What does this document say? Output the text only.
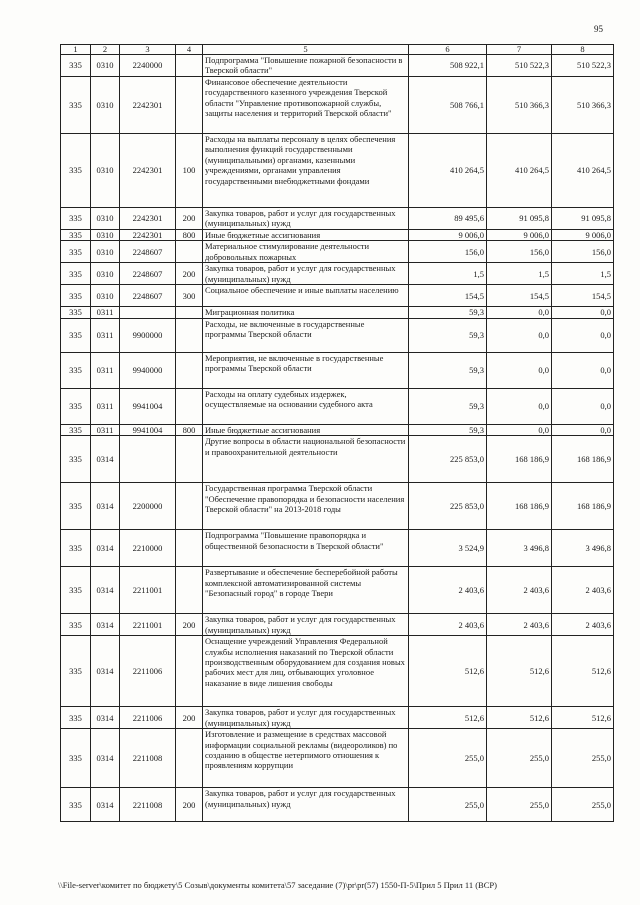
95
1	2	3	4	5	6	7	8
335	0310	2240000		Подпрограмма "Повышение пожарной безопасности в Тверской области"	508 922,1	510 522,3	510 522,3
335	0310	2242301		Финансовое обеспечение деятельности государственного казенного учреждения Тверской области "Управление противопожарной службы, защиты населения и территорий Тверской области"	508 766,1	510 366,3	510 366,3
335	0310	2242301	100	Расходы на выплаты персоналу в целях обеспечения выполнения функций государственными (муниципальными) органами, казенными учреждениями, органами управления государственными внебюджетными фондами	410 264,5	410 264,5	410 264,5
335	0310	2242301	200	Закупка товаров, работ и услуг для государственных (муниципальных) нужд	89 495,6	91 095,8	91 095,8
335	0310	2242301	800	Иные бюджетные ассигнования	9 006,0	9 006,0	9 006,0
335	0310	2248607		Материальное стимулирование деятельности добровольных пожарных	156,0	156,0	156,0
335	0310	2248607	200	Закупка товаров, работ и услуг для государственных (муниципальных) нужд	1,5	1,5	1,5
335	0310	2248607	300	Социальное обеспечение и иные выплаты населению	154,5	154,5	154,5
335	0311			Миграционная политика	59,3	0,0	0,0
335	0311	9900000		Расходы, не включенные в государственные программы Тверской области	59,3	0,0	0,0
335	0311	9940000		Мероприятия, не включенные в государственные программы Тверской области	59,3	0,0	0,0
335	0311	9941004		Расходы на оплату судебных издержек, осуществляемые на основании судебного акта	59,3	0,0	0,0
335	0311	9941004	800	Иные бюджетные ассигнования	59,3	0,0	0,0
335	0314			Другие вопросы в области национальной безопасности и правоохранительной деятельности	225 853,0	168 186,9	168 186,9
335	0314	2200000		Государственная программа Тверской области "Обеспечение правопорядка и безопасности населения Тверской области" на 2013-2018 годы	225 853,0	168 186,9	168 186,9
335	0314	2210000		Подпрограмма "Повышение правопорядка и общественной безопасности в Тверской области"	3 524,9	3 496,8	3 496,8
335	0314	2211001		Развертывание и обеспечение бесперебойной работы комплексной автоматизированной системы "Безопасный город" в городе Твери	2 403,6	2 403,6	2 403,6
335	0314	2211001	200	Закупка товаров, работ и услуг для государственных (муниципальных) нужд	2 403,6	2 403,6	2 403,6
335	0314	2211006		Оснащение учреждений Управления Федеральной службы исполнения наказаний по Тверской области производственным оборудованием для создания новых рабочих мест для лиц, отбывающих уголовное наказание в виде лишения свободы	512,6	512,6	512,6
335	0314	2211006	200	Закупка товаров, работ и услуг для государственных (муниципальных) нужд	512,6	512,6	512,6
335	0314	2211008		Изготовление и размещение в средствах массовой информации социальной рекламы (видеороликов) по созданию в обществе нетерпимого отношения к проявлениям коррупции	255,0	255,0	255,0
335	0314	2211008	200	Закупка товаров, работ и услуг для государственных (муниципальных) нужд	255,0	255,0	255,0
\\File-server\комитет по бюджету\5 Созыв\документы комитета\57 заседание (7)\pr\pr(57) 1550-П-5\Прил 5 Прил 11 (ВСР)
